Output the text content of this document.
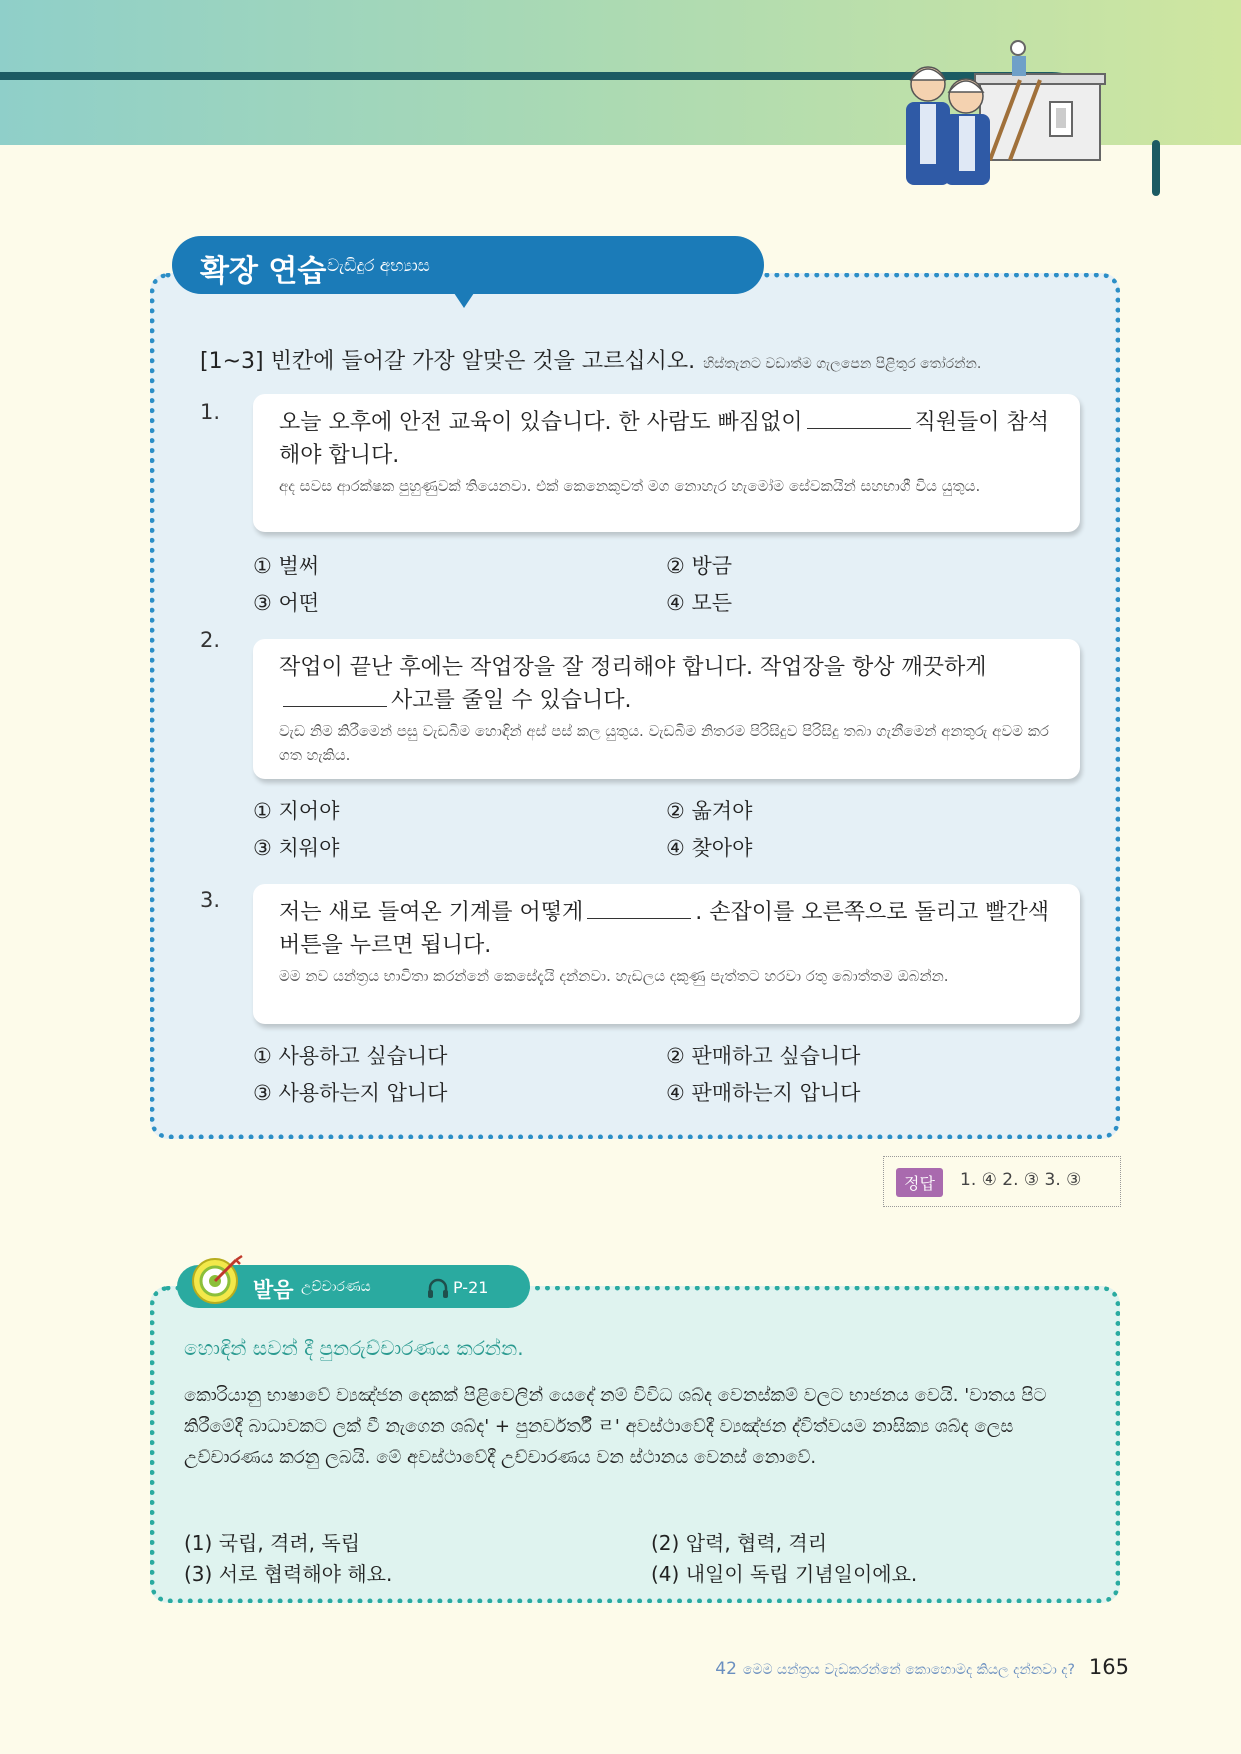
확장 연습 වැඩිදුර අභ්‍යාස
[1~3] 빈칸에 들어갈 가장 알맞은 것을 고르십시오. හිස්තැනට වඩාත්ම ගැලපෙන පිළිතුර තෝරන්න.
1.	오늘 오후에 안전 교육이 있습니다. 한 사람도 빠짐없이	직원들이 참석해야 합니다.
අද සවස ආරක්ෂක පුහුණුවක් තියෙනවා. එක් කෙනෙකුවත් මග නොහැර හැමෝම සේවකයින් සහභාගී විය යුතුය.
① 벌써	② 방금
③ 어떤	④ 모든
2.
작업이 끝난 후에는 작업장을 잘 정리해야 합니다. 작업장을 항상 깨끗하게사고를 줄일 수 있습니다.
වැඩ නිම කිරීමෙන් පසු වැඩබිම හොඳින් අස් පස් කල යුතුය. වැඩබිම නිතරම පිරිසිදුව පිරිසිදු තබා ගැනීමෙන් අනතුරු අවම කර ගත හැකිය.
① 지어야	② 옮겨야
③ 치워야	④ 찾아야
3.	저는 새로 들여온 기계를 어떻게	. 손잡이를 오른쪽으로 돌리고 빨간색 버튼을 누르면 됩니다.
මම නව යන්ත්‍රය භාවිතා කරන්නේ කෙසේදැයි දන්නවා. හැඩලය දකුණු පැත්තට හරවා රතු බොත්තම ඔබන්න.
① 사용하고 싶습니다	② 판매하고 싶습니다
③ 사용하는지 압니다	④ 판매하는지 압니다
정답	1. ④ 2. ③ 3. ③
발음 උච්චාරණය	P-21
හොඳින් සවන් දී පුනරුච්චාරණය කරන්න.
කොරියානු භාෂාවේ ව්‍යඤ්ජන දෙකක් පිළිවෙලින් යෙදේ නම් විවිධ ශබ්ද වෙනස්කම් වලට භාජනය වෙයි. 'වාතය පිට කිරීමේදී බාධාවකට ලක් වී නැගෙන ශබ්ද' + පුනර්වර්තී ㄹ' අවස්ථාවේදී ව්‍යඤ්ජන ද්විත්වයම නාසික්‍ය ශබ්ද ලෙස උච්චාරණය කරනු ලබයි. මේ අවස්ථාවේදී උච්චාරණය වන ස්ථානය වෙනස් නොවේ.
(1) 국립, 격려, 독립	(2) 압력, 협력, 격리
(3) 서로 협력해야 해요.	(4) 내일이 독립 기념일이에요.
42 මෙම යන්ත්‍රය වැඩකරන්නේ කොහොමද කියල දන්නවා ද? 165
